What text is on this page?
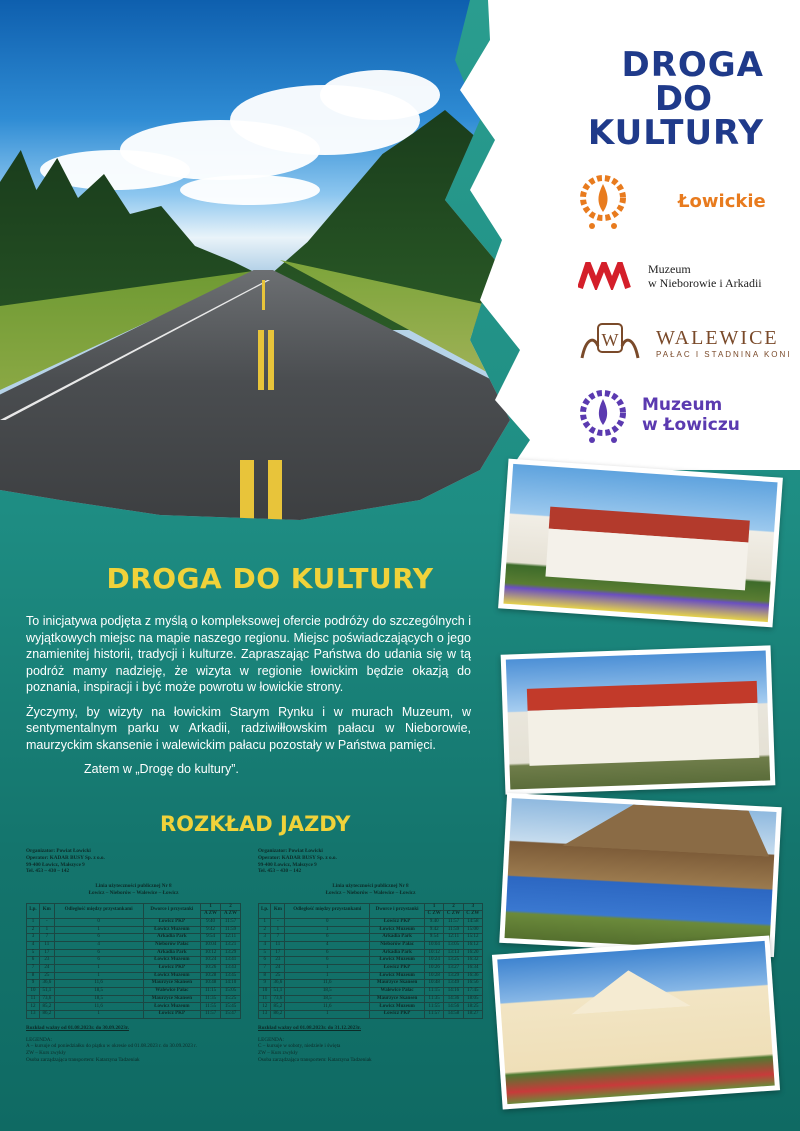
DROGA
DO
KULTURY
Łowickie
Muzeum
w Nieborowie i Arkadii
W WALEWICE
PAŁAC I STADNINA KONI
Muzeum
w Łowiczu
DROGA DO KULTURY

To inicjatywa podjęta z myślą o kompleksowej ofercie podróży do szczególnych i wyjątkowych miejsc na mapie naszego regionu. Miejsc poświadczających o jego znamienitej historii, tradycji i kulturze. Zapraszając Państwa do udania się w tą podróż mamy nadzieję, że wizyta w regionie łowickim będzie okazją do poznania, inspiracji i być może powrotu w łowickie strony.

Życzymy, by wizyty na łowickim Starym Rynku i w murach Muzeum, w sentymentalnym parku w Arkadii, radziwiłłowskim pałacu w Nieborowie, maurzyckim skansenie i walewickim pałacu pozostały w Państwa pamięci.

Zatem w „Drogę do kultury”.

ROZKŁAD JAZDY
Organizator: Powiat Łowicki
Operator: KADAR BUSY Sp. z o.o.
99-400 Łowicz, Małszyce 9
Tel. 453 – 430 – 142
Linia użyteczności publicznej Nr 8
Łowicz – Nieborów – Walewice – Łowicz
Lp.	Km	Odległość między przystankami	Dworce i przystanki	1	2
				A ZW	A ZW
1	-	0	Łowicz PKP	9:40	11:57
2	1	1	Łowicz Muzeum	9:42	11:59
3	7	6	Arkadia Park	9:54	12:11
4	11	4	Nieborów Pałac	10:04	13:21
5	17	6	Arkadia Park	10:12	13:29
6	23	6	Łowicz Muzeum	10:24	13:41
7	24	1	Łowicz PKP	10:26	13:43
8	25	1	Łowicz Muzeum	10:28	13:45
9	36,6	11,6	Maurzyce Skansen	10:48	14:10
10	51,1	18,5	Walewice Pałac	11:15	15:05
11	73,6	18,5	Maurzyce Skansen	11:35	15:25
12	85,2	11,6	Łowicz Muzeum	11:55	15:45
13	86,2	1	Łowicz PKP	11:57	15:47
Rozkład ważny od 01.08.2023r. do 30.09.2023r.
LEGENDA:
A – kursuje od poniedziałku do piątku w okresie od 01.08.2023 r. do 30.09.2023 r.
ZW – Kurs zwykły
Osoba zarządzająca transportem: Katarzyna Tadzeniak
Organizator: Powiat Łowicki
Operator: KADAR BUSY Sp. z o.o.
99-400 Łowicz, Małszyce 9
Tel. 453 – 430 – 142
Linia użyteczności publicznej Nr 8
Łowicz – Nieborów – Walewice – Łowicz
Lp.	Km	Odległość między przystankami	Dworce i przystanki	1	2	3
				C ZW	C ZW	C ZW
1	-	0	Łowicz PKP	9:40	11:57	14:58
2	1	1	Łowicz Muzeum	9:42	11:59	15:00
3	7	6	Arkadia Park	9:54	12:11	15:12
4	11	4	Nieborów Pałac	10:04	13:05	16:12
5	17	6	Arkadia Park	10:12	13:13	16:20
6	23	6	Łowicz Muzeum	10:24	13:25	16:32
7	24	1	Łowicz PKP	10:26	13:27	16:34
8	25	1	Łowicz Muzeum	10:28	13:29	16:36
9	36,6	11,6	Maurzyce Skansen	10:48	13:49	16:56
10	51,1	18,5	Walewice Pałac	11:15	14:16	17:45
11	73,6	18,5	Maurzyce Skansen	11:35	14:36	18:05
12	85,2	11,6	Łowicz Muzeum	11:55	14:56	18:25
13	86,2	1	Łowicz PKP	11:57	14:58	18:27
Rozkład ważny od 01.08.2023r. do 31.12.2023r.
LEGENDA:
C – kursuje w soboty, niedziele i święta
ZW – Kurs zwykły
Osoba zarządzająca transportem: Katarzyna Tadzeniak
